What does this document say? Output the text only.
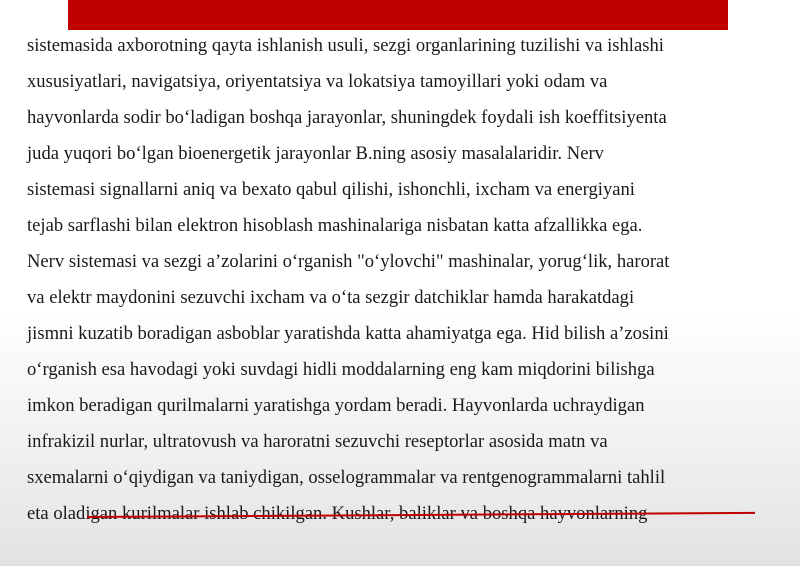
sistemasida axborotning qayta ishlanish usuli, sezgi organlarining tuzilishi va ishlashi
xususiyatlari, navigatsiya, oriyentatsiya va lokatsiya tamoyillari yoki odam va
hayvonlarda sodir boʻladigan boshqa jarayonlar, shuningdek foydali ish koeffitsiyenta
juda yuqori boʻlgan bioenergetik jarayonlar B.ning asosiy masalalaridir. Nerv
sistemasi signallarni aniq va bexato qabul qilishi, ishonchli, ixcham va energiyani
tejab sarflashi bilan elektron hisoblash mashinalariga nisbatan katta afzallikka ega.
Nerv sistemasi va sezgi aʼzolarini oʻrganish "oʻylovchi" mashinalar, yorugʻlik, harorat
va elektr maydonini sezuvchi ixcham va oʻta sezgir datchiklar hamda harakatdagi
jismni kuzatib boradigan asboblar yaratishda katta ahamiyatga ega. Hid bilish aʼzosini
oʻrganish esa havodagi yoki suvdagi hidli moddalarning eng kam miqdorini bilishga
imkon beradigan qurilmalarni yaratishga yordam beradi. Hayvonlarda uchraydigan
infrakizil nurlar, ultratovush va haroratni sezuvchi reseptorlar asosida matn va
sxemalarni oʻqiydigan va taniydigan, osselogrammalar va rentgenogrammalarni tahlil
eta oladigan kurilmalar ishlab chikilgan. Kushlar, baliklar va boshqa hayvonlarning
